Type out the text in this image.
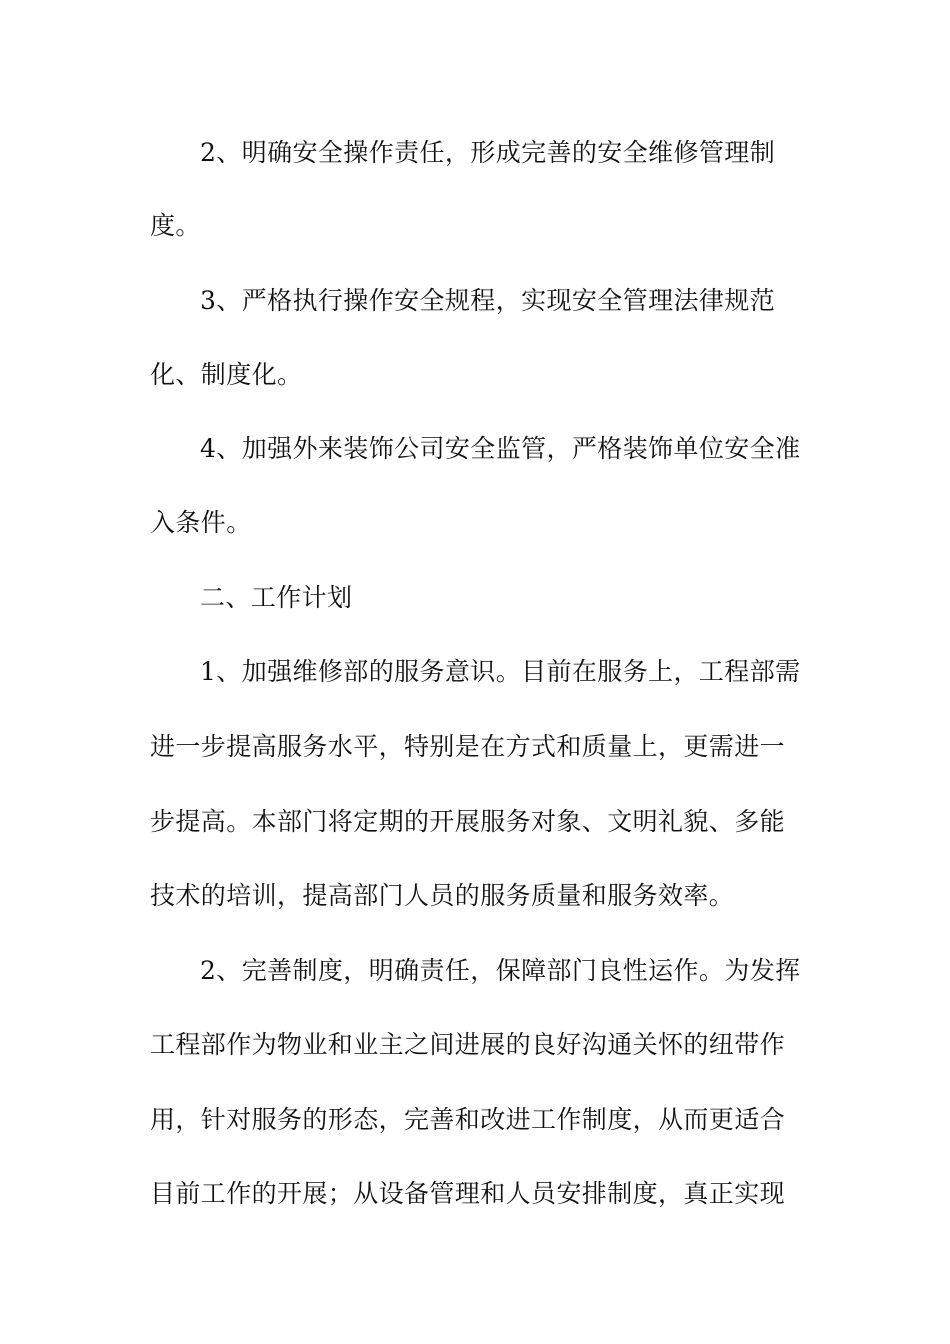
2、明确安全操作责任，形成完善的安全维修管理制

度。

3、严格执行操作安全规程，实现安全管理法律规范

化、制度化。

4、加强外来装饰公司安全监管，严格装饰单位安全准

入条件。

二、工作计划

1、加强维修部的服务意识。目前在服务上，工程部需

进一步提高服务水平，特别是在方式和质量上，更需进一

步提高。本部门将定期的开展服务对象、文明礼貌、多能

技术的培训，提高部门人员的服务质量和服务效率。

2、完善制度，明确责任，保障部门良性运作。为发挥

工程部作为物业和业主之间进展的良好沟通关怀的纽带作

用，针对服务的形态，完善和改进工作制度，从而更适合

目前工作的开展；从设备管理和人员安排制度，真正实现
